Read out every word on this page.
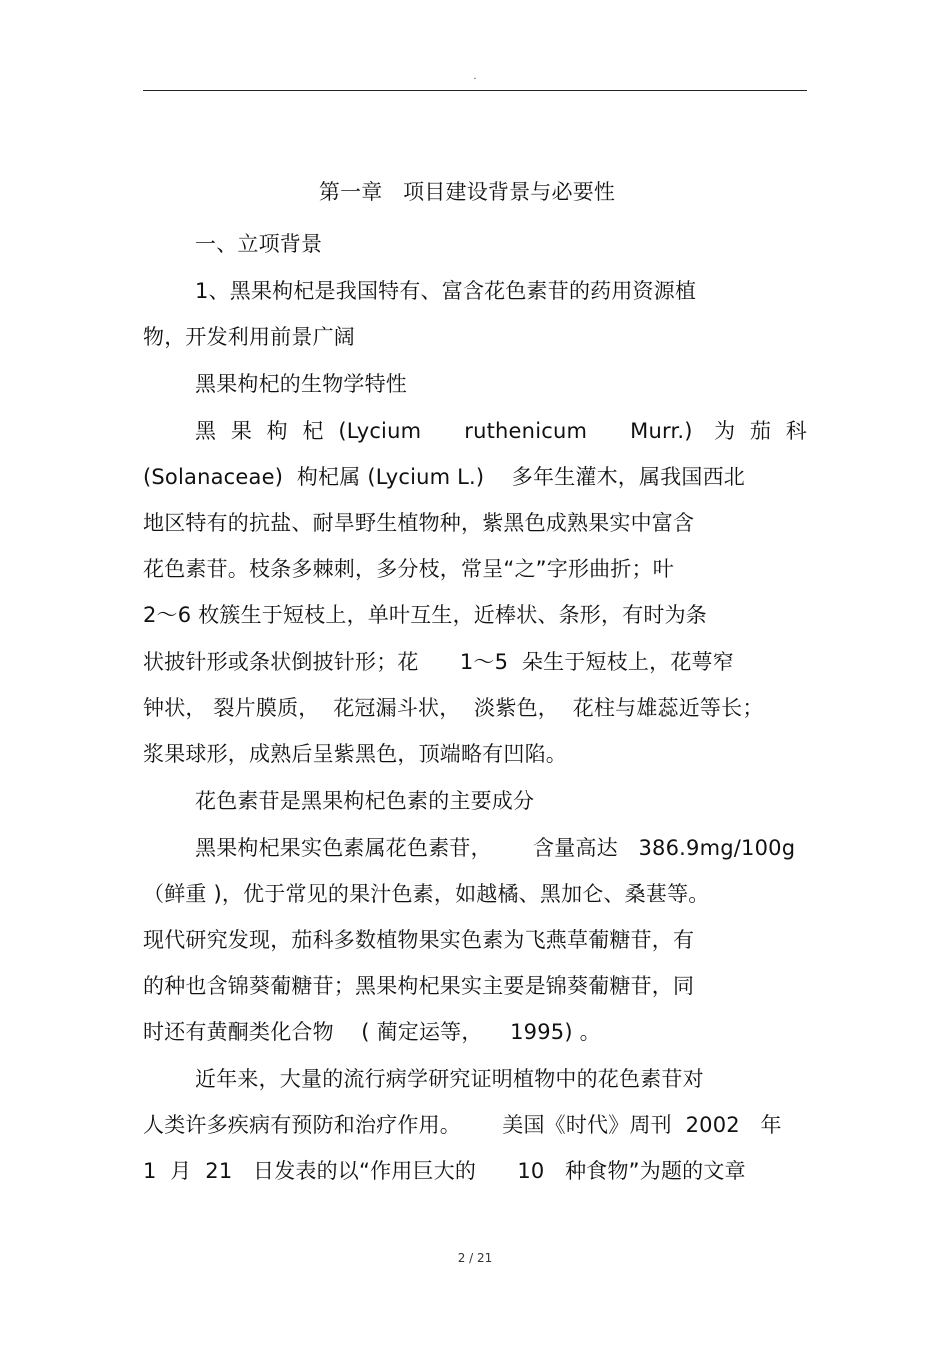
.
第一章   项目建设背景与必要性
一、立项背景
1、黑果枸杞是我国特有、富含花色素苷的药用资源植
物，开发利用前景广阔
黑果枸杞的生物学特性
黑 果 枸 杞 (Lycium    ruthenicum    Murr.)  为 茄 科
(Solanaceae)  枸杞属 (Lycium L.)    多年生灌木，属我国西北
地区特有的抗盐、耐旱野生植物种，紫黑色成熟果实中富含
花色素苷。枝条多棘刺，多分枝，常呈“之”字形曲折；叶
2～6 枚簇生于短枝上，单叶互生，近棒状、条形，有时为条
状披针形或条状倒披针形；花      1～5  朵生于短枝上，花萼窄
钟状， 裂片膜质，  花冠漏斗状，  淡紫色，  花柱与雄蕊近等长；
浆果球形，成熟后呈紫黑色，顶端略有凹陷。
花色素苷是黑果枸杞色素的主要成分
黑果枸杞果实色素属花色素苷，      含量高达   386.9mg/100g
（鲜重 )，优于常见的果汁色素，如越橘、黑加仑、桑葚等。
现代研究发现，茄科多数植物果实色素为飞燕草葡糖苷，有
的种也含锦葵葡糖苷；黑果枸杞果实主要是锦葵葡糖苷，同
时还有黄酮类化合物    ( 蔺定运等，    1995) 。
近年来，大量的流行病学研究证明植物中的花色素苷对
人类许多疾病有预防和治疗作用。      美国《时代》周刊  2002   年
1  月  21   日发表的以“作用巨大的      10   种食物”为题的文章
2 / 21
